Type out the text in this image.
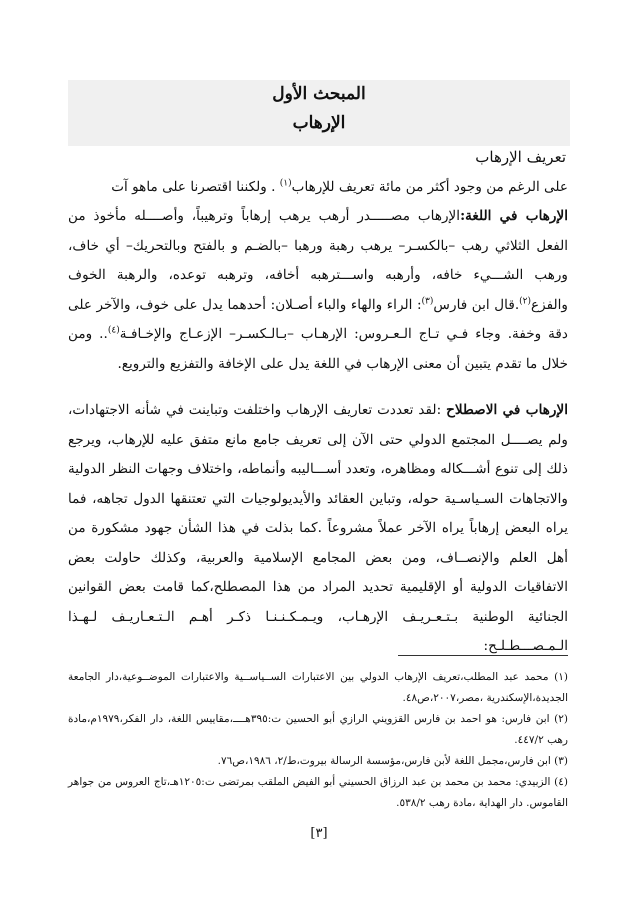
المبحث الأول
الإرهاب
تعريف الإرهاب

على الرغم من وجود أكثر من مائة تعريف للإرهاب$^{(١)}$ . ولكننا اقتصرنا على ماهو آت

الإرهاب في اللغة:الإرهاب مصـــــدر أرهب يرهب إرهاباً وترهيباً، وأصــــله مأخوذ من الفعل الثلاثي رهب –بالكسـر– يرهب رهبة ورهبا –بالضـم و بالفتح وبالتحريك– أي خاف، ورهب الشـــيء خافه، وأرهبه واســـترهبه أخافه، وترهبه توعده، والرهبة الخوف والفزع$^{(٢)}$.قال ابن فارس$^{(٣)}$: الراء والهاء والباء أصـلان: أحدهما يدل على خوف، والآخر على دقة وخفة. وجاء فـي تـاج الـعـروس: الإرهـاب –بـالـكسـر– الإزعـاج والإخـافـة$^{(٤)}$.. ومن خلال ما تقدم يتبين أن معنى الإرهاب في اللغة يدل على الإخافة والتفزيع والترويع.

الإرهاب في الاصطلاح :لقد تعددت تعاريف الإرهاب واختلفت وتباينت في شأنه الاجتهادات، ولم يصــــل المجتمع الدولي حتى الآن إلى تعريف جامع مانع متفق عليه للإرهاب، ويرجع ذلك إلى تنوع أشـــكاله ومظاهره، وتعدد أســـاليبه وأنماطه، واختلاف وجهات النظر الدولية والاتجاهات السـياسـية حوله، وتباين العقائد والأيديولوجيات التي تعتنقها الدول تجاهه، فما يراه البعض إرهاباً يراه الآخر عملاً مشروعاً .كما بذلت في هذا الشأن جهود مشكورة من أهل العلم والإنصــاف، ومن بعض المجامع الإسلامية والعربية، وكذلك حاولت بعض الاتفاقيات الدولية أو الإقليمية تحديد المراد من هذا المصطلح،كما قامت بعض القوانين الجنائية الوطنية بـتـعـريـف الإرهـاب، ويـمـكـنـنـا ذكـر أهـم الـتـعـاريـف لـهـذا الـمـصـــطـلـح:

(١) محمد عبد المطلب،تعريف الإرهاب الدولي بين الاعتبارات الســياســية والاعتبارات الموضــوعية،دار الجامعة الجديدة،الإسكندرية ،مصر،٢٠٠٧،ص٤٨.

(٢) ابن فارس: هو احمد بن فارس القزويني الرازي أبو الحسين ت:٣٩٥هــــ،مقاييس اللغة، دار الفكر،١٩٧٩م،مادة رهب ٤٤٧/٢.

(٣) ابن فارس،مجمل اللغة لأبن فارس،مؤسسة الرسالة بيروت،ط/٢، ١٩٨٦،ص٧٦.

(٤) الزبيدي: محمد بن محمد بن عبد الرزاق الحسيني أبو الفيض الملقب بمرتضى ت:١٢٠٥هـ،تاج العروس من جواهر القاموس. دار الهداية ،مادة رهب ٥٣٨/٢.

[٣]
